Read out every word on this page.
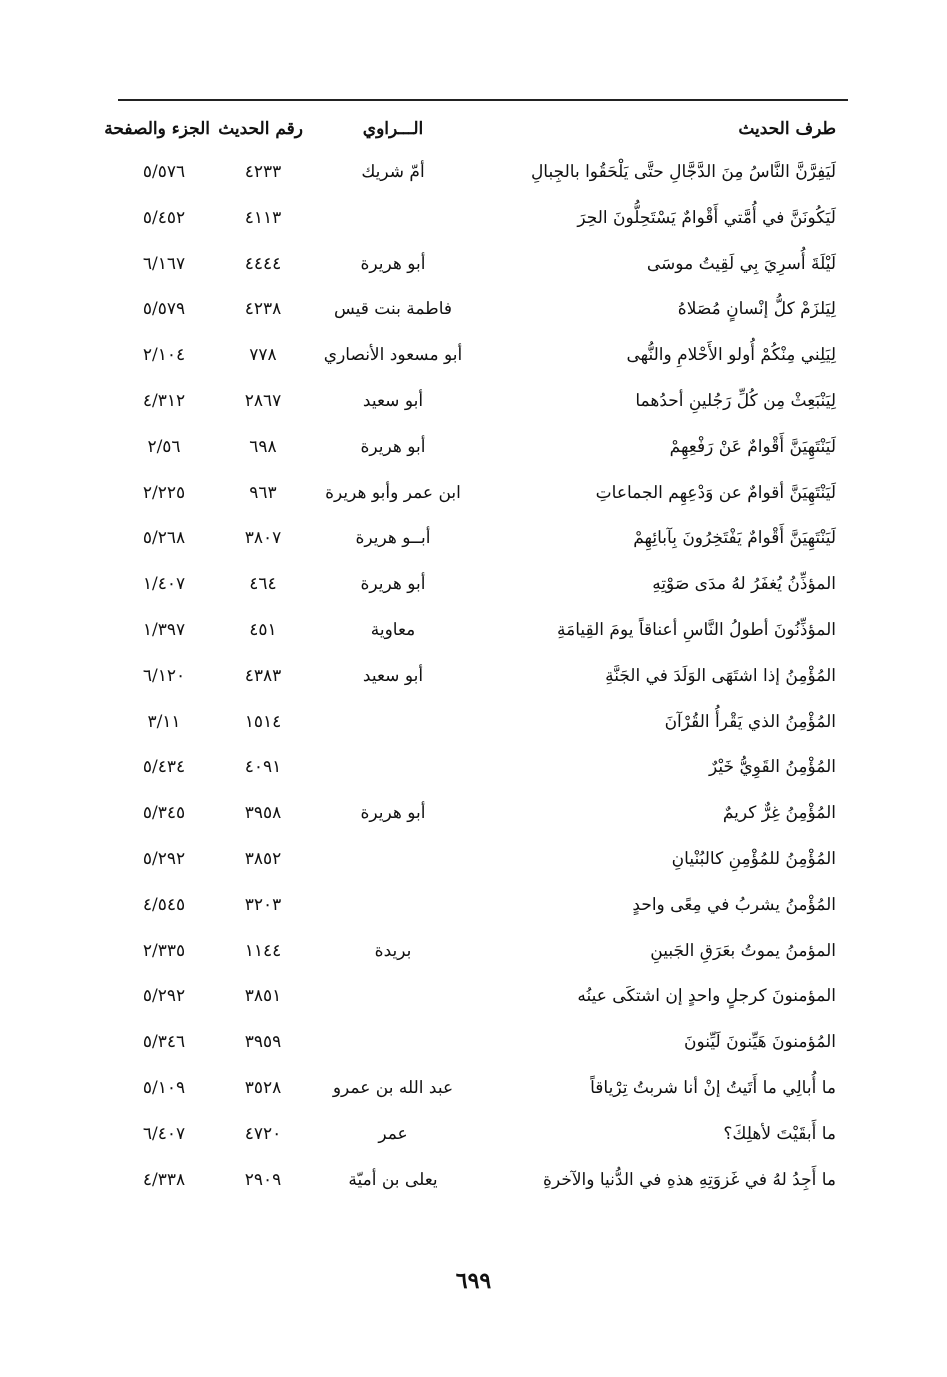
طرف الحديث
الـــراوي
رقم الحديث
الجزء والصفحة
لَيَفِرَّنَّ النَّاسُ مِنَ الدَّجَّالِ حتَّى يَلْحَقُوا بالجِبالِ
أمّ شريك
٤٢٣٣
٥/٥٧٦
لَيَكُونَنَّ في أُمَّتي أَقْوامٌ يَسْتَحِلُّونَ الحِرَ
٤١١٣
٥/٤٥٢
لَيْلَةَ أُسرِيَ بِي لَقِيتُ موسَى
أبو هريرة
٤٤٤٤
٦/١٦٧
لِيَلزَمْ كلُّ إنْسانٍ مُصَلاهُ
فاطمة بنت قيس
٤٢٣٨
٥/٥٧٩
لِيَلِني مِنْكُمْ أُولو الأَحْلامِ والنُّهى
أبو مسعود الأنصاري
٧٧٨
٢/١٠٤
لِيَنْبَعِثْ مِن كُلِّ رَجُلينِ أحدُهما
أبو سعيد
٢٨٦٧
٤/٣١٢
لَيَنْتَهِيَنَّ أَقْوامٌ عَنْ رَفْعِهِمْ
أبو هريرة
٦٩٨
٢/٥٦
لَيَنْتَهِيَنَّ أقوامٌ عن وَدْعِهِم الجماعاتِ
ابن عمر وأبو هريرة
٩٦٣
٢/٢٢٥
لَيَنْتَهِيَنَّ أَقْوامٌ يَفْتَخِرُونَ بِآبائِهِمْ
أبــو هريرة
٣٨٠٧
٥/٢٦٨
المؤذِّنُ يُغفَرُ لهُ مدَى صَوْتِهِ
أبو هريرة
٤٦٤
١/٤٠٧
المؤذِّنُونَ أطولُ النَّاسِ أعناقاً يومَ القِيامَةِ
معاوية
٤٥١
١/٣٩٧
المُؤْمِنُ إذا اشتَهَى الوَلَدَ في الجَنَّةِ
أبو سعيد
٤٣٨٣
٦/١٢٠
المُؤْمِنُ الذي يَقْرأُ القُرْآنَ
١٥١٤
٣/١١
المُؤْمِنُ القَوِيُّ خَيْرٌ
٤٠٩١
٥/٤٣٤
المُؤْمِنُ غِرٌّ كريمٌ
أبو هريرة
٣٩٥٨
٥/٣٤٥
المُؤْمِنُ للمُؤْمِنِ كالبُنْيانِ
٣٨٥٢
٥/٢٩٢
المُؤْمنُ يشربُ في مِعًى واحدٍ
٣٢٠٣
٤/٥٤٥
المؤمنُ يموتُ بعَرَقِ الجَبينِ
بريدة
١١٤٤
٢/٣٣٥
المؤمنونَ كرجلٍ واحدٍ إن اشتكَى عينُه
٣٨٥١
٥/٢٩٢
المُؤمنونَ هَيِّنونَ لَيِّنونَ
٣٩٥٩
٥/٣٤٦
ما أُبالِي ما أَتَيتُ إنْ أنا شربتُ تِرْياقاً
عبد الله بن عمرو
٣٥٢٨
٥/١٠٩
ما أَبقَيْتَ لأهلِكَ؟
عمر
٤٧٢٠
٦/٤٠٧
ما أَجِدُ لهُ في غَزوَتِهِ هذهِ في الدُّنيا والآخرةِ
يعلى بن أميّة
٢٩٠٩
٤/٣٣٨
٦٩٩
